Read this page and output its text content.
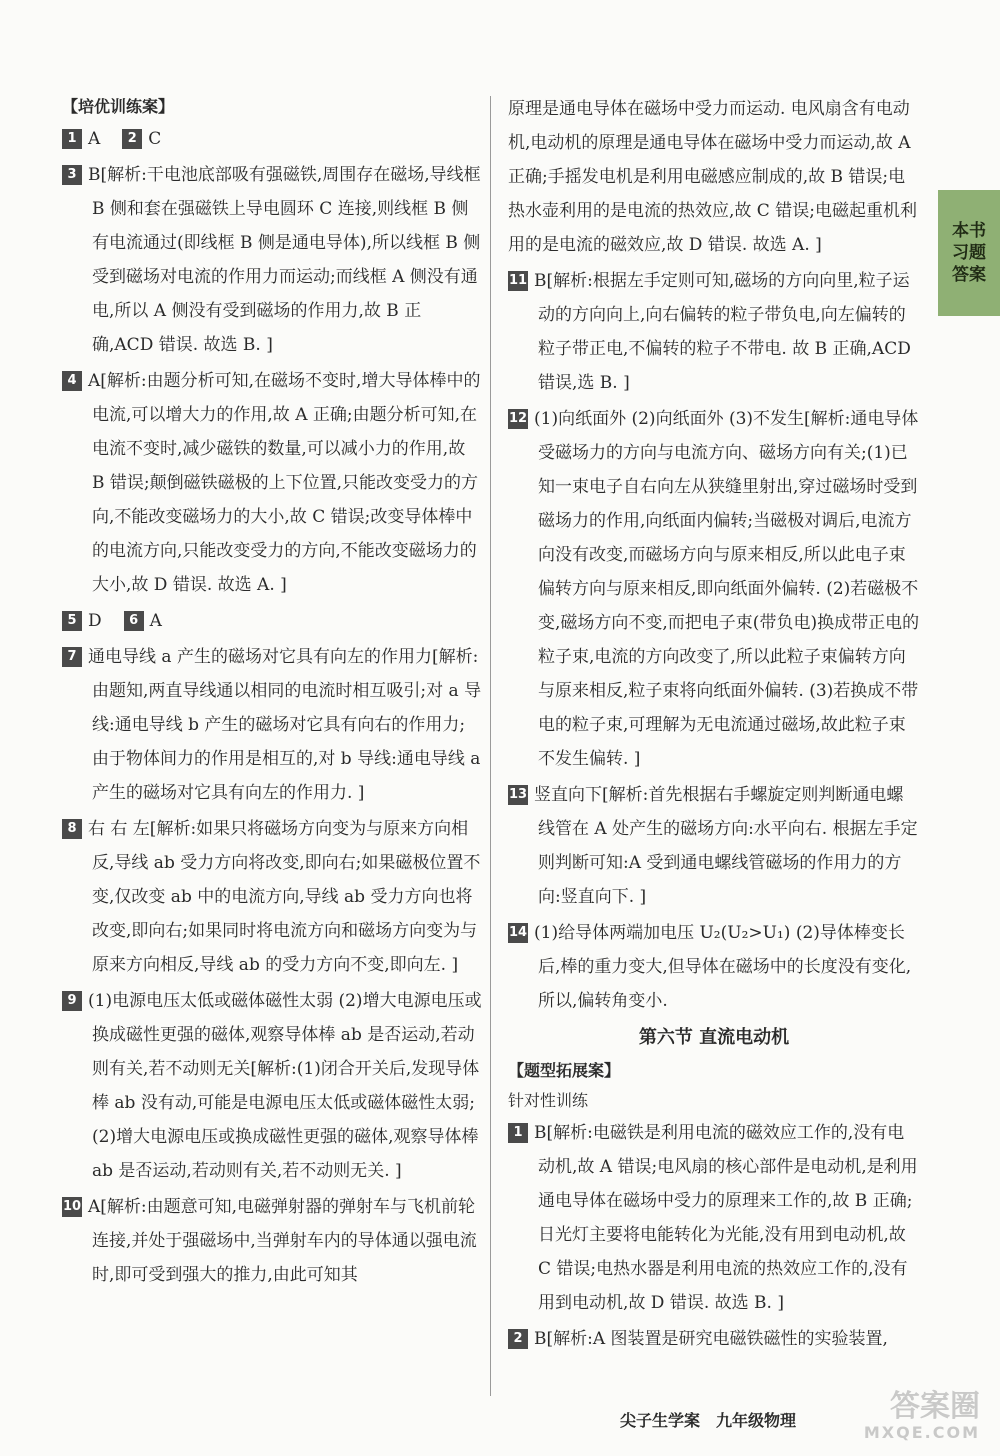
本书
习题
答案
【培优训练案】
1 A 2 C
3 B[解析:干电池底部吸有强磁铁,周围存在磁场,导线框 B 侧和套在强磁铁上导电圆环 C 连接,则线框 B 侧有电流通过(即线框 B 侧是通电导体),所以线框 B 侧受到磁场对电流的作用力而运动;而线框 A 侧没有通电,所以 A 侧没有受到磁场的作用力,故 B 正确,ACD 错误. 故选 B. ]
4 A[解析:由题分析可知,在磁场不变时,增大导体棒中的电流,可以增大力的作用,故 A 正确;由题分析可知,在电流不变时,减少磁铁的数量,可以减小力的作用,故 B 错误;颠倒磁铁磁极的上下位置,只能改变受力的方向,不能改变磁场力的大小,故 C 错误;改变导体棒中的电流方向,只能改变受力的方向,不能改变磁场力的大小,故 D 错误. 故选 A. ]
5 D 6 A
7 通电导线 a 产生的磁场对它具有向左的作用力[解析:由题知,两直导线通以相同的电流时相互吸引;对 a 导线:通电导线 b 产生的磁场对它具有向右的作用力;由于物体间力的作用是相互的,对 b 导线:通电导线 a 产生的磁场对它具有向左的作用力. ]
8 右 右 左[解析:如果只将磁场方向变为与原来方向相反,导线 ab 受力方向将改变,即向右;如果磁极位置不变,仅改变 ab 中的电流方向,导线 ab 受力方向也将改变,即向右;如果同时将电流方向和磁场方向变为与原来方向相反,导线 ab 的受力方向不变,即向左. ]
9 (1)电源电压太低或磁体磁性太弱 (2)增大电源电压或换成磁性更强的磁体,观察导体棒 ab 是否运动,若动则有关,若不动则无关[解析:(1)闭合开关后,发现导体棒 ab 没有动,可能是电源电压太低或磁体磁性太弱;(2)增大电源电压或换成磁性更强的磁体,观察导体棒 ab 是否运动,若动则有关,若不动则无关. ]
10 A[解析:由题意可知,电磁弹射器的弹射车与飞机前轮连接,并处于强磁场中,当弹射车内的导体通以强电流时,即可受到强大的推力,由此可知其
原理是通电导体在磁场中受力而运动. 电风扇含有电动机,电动机的原理是通电导体在磁场中受力而运动,故 A 正确;手摇发电机是利用电磁感应制成的,故 B 错误;电热水壶利用的是电流的热效应,故 C 错误;电磁起重机利用的是电流的磁效应,故 D 错误. 故选 A. ]
11 B[解析:根据左手定则可知,磁场的方向向里,粒子运动的方向向上,向右偏转的粒子带负电,向左偏转的粒子带正电,不偏转的粒子不带电. 故 B 正确,ACD 错误,选 B. ]
12 (1)向纸面外 (2)向纸面外 (3)不发生[解析:通电导体受磁场力的方向与电流方向、磁场方向有关;(1)已知一束电子自右向左从狭缝里射出,穿过磁场时受到磁场力的作用,向纸面内偏转;当磁极对调后,电流方向没有改变,而磁场方向与原来相反,所以此电子束偏转方向与原来相反,即向纸面外偏转. (2)若磁极不变,磁场方向不变,而把电子束(带负电)换成带正电的粒子束,电流的方向改变了,所以此粒子束偏转方向与原来相反,粒子束将向纸面外偏转. (3)若换成不带电的粒子束,可理解为无电流通过磁场,故此粒子束不发生偏转. ]
13 竖直向下[解析:首先根据右手螺旋定则判断通电螺线管在 A 处产生的磁场方向:水平向右. 根据左手定则判断可知:A 受到通电螺线管磁场的作用力的方向:竖直向下. ]
14 (1)给导体两端加电压 U₂(U₂>U₁) (2)导体棒变长后,棒的重力变大,但导体在磁场中的长度没有变化,所以,偏转角变小.
第六节 直流电动机
【题型拓展案】
针对性训练
1 B[解析:电磁铁是利用电流的磁效应工作的,没有电动机,故 A 错误;电风扇的核心部件是电动机,是利用通电导体在磁场中受力的原理来工作的,故 B 正确;日光灯主要将电能转化为光能,没有用到电动机,故 C 错误;电热水器是利用电流的热效应工作的,没有用到电动机,故 D 错误. 故选 B. ]
2 B[解析:A 图装置是研究电磁铁磁性的实验装置,
尖子生学案 九年级物理	答案圈
MXQE.COM
